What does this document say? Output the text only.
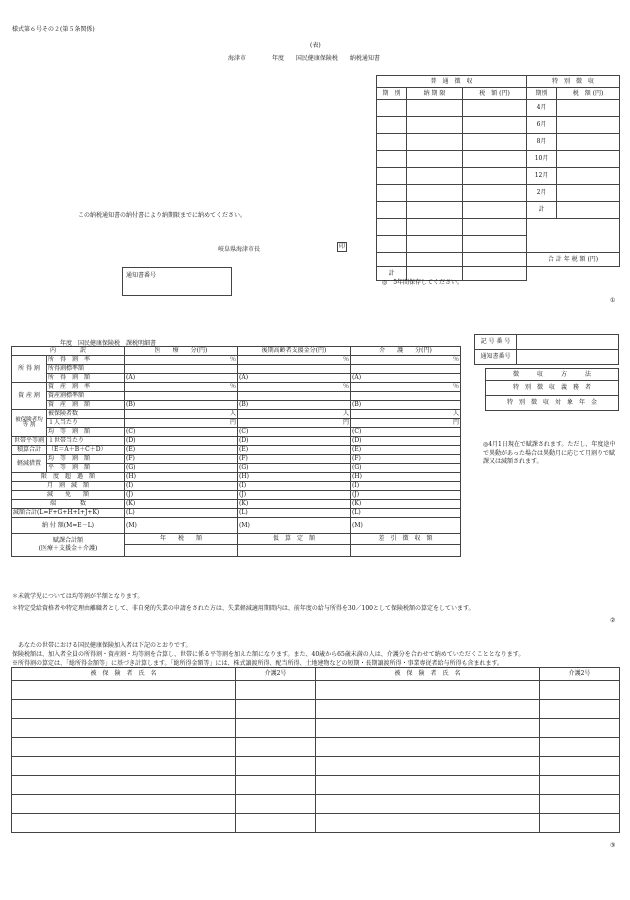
様式第６号その２(第５条関係)
(表)
海津市	年度 国民健康保険税 納税通知書
普　通　徴　収			特　別　徴　収	
期　別	納 期 限	税　額 (円)	期別	税　額 (円)
			4月	
			6月	
			8月	
			10月	
			12月	
			2月	
			計	

			合 計 年 税 額 (円)	
計				
この納税通知書の納付書により納期限までに納めてください。
岐阜県海津市長	印
通知書番号
◎　5年間保存してください。
①
年度　国民健康保険税　課税明細書
内　　　　訳		医　　療　　分(円)	後期高齢者支援金分(円)	介　　護　　分(円)
所 得 割	所　得　割　率	％	％	％
	所得割標準額			
	所　得　割　額	(A)	(A)	(A)
資 産 割	資　産　割　率	％	％	％
	資産割標準額			
	資　産　割　額	(B)	(B)	(B)
被保険者均 等 割	被保険者数	人	人	人
	１人当たり	円	円	円
	均　等　割　額	(C)	(C)	(C)
世帯平等割	１世帯当たり	(D)	(D)	(D)
積算合計	（E＝A＋B＋C＋D）	(E)	(E)	(E)
軽減措置	均　等　割　額	(F)	(F)	(F)
	平　等　割　額	(G)	(G)	(G)
限　度　超　過　額		(H)	(H)	(H)
月　割　減　額		(I)	(I)	(I)
減　　免　　額		(J)	(J)	(J)
端　　　　数		(K)	(K)	(K)
減額合計(L=F+G+H+I+J+K)		(L)	(L)	(L)
納 付 額(M=E－L)		(M)	(M)	(M)

賦課合計額
(医療＋支援金＋介護)		年　　税　　額	仮　算　定　額	差　引　徴　収　額

記 号 番 号	
通知書番号	
徴　　　収　　　方　　　法
特　別　徴　収　義　務　者
特　別　徴　収　対　象　年　金
◎4月1日現在で賦課されます。ただし、年度途中で異動があった場合は異動月に応じて月割りで賦課又は減額されます。
＊未就学児については均等割が半額となります。
＊特定受給資格者や特定理由離職者として、非自発的失業の申請をされた方は、失業軽減適用期間内は、前年度の給与所得を30／100として保険税額の算定をしています。
②
あなたの世帯における国民健康保険加入者は下記のとおりです。
保険税額は、加入者全員の所得割・資産割・均等割を合算し、世帯に係る平等割を加えた額になります。また、40歳から65歳未満の人は、介護分を合わせて納めていただくこととなります。
※所得割の算定は、「総所得金額等」に基づき計算します。「総所得金額等」には、株式譲渡所得、配当所得、土地建物などの短期・長期譲渡所得・事業専従者給与所得も含まれます。
被　保　険　者　氏　名	介護2号	被　保　険　者　氏　名	介護2号

③
